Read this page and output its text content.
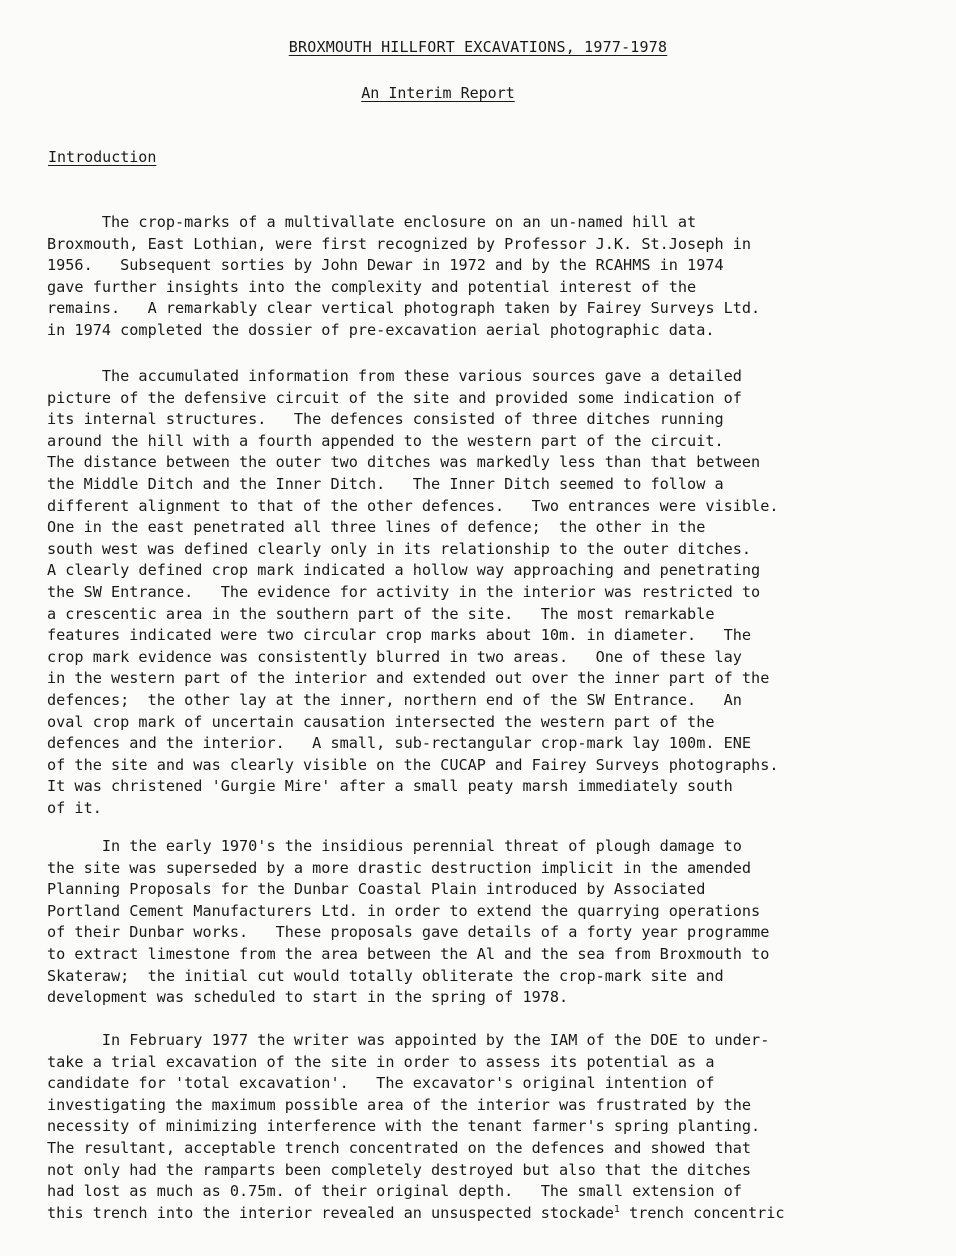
BROXMOUTH HILLFORT EXCAVATIONS, 1977-1978
An Interim Report
Introduction
The crop-marks of a multivallate enclosure on an un-named hill at
Broxmouth, East Lothian, were first recognized by Professor J.K. St.Joseph in
1956.   Subsequent sorties by John Dewar in 1972 and by the RCAHMS in 1974
gave further insights into the complexity and potential interest of the
remains.   A remarkably clear vertical photograph taken by Fairey Surveys Ltd.
in 1974 completed the dossier of pre-excavation aerial photographic data.
The accumulated information from these various sources gave a detailed
picture of the defensive circuit of the site and provided some indication of
its internal structures.   The defences consisted of three ditches running
around the hill with a fourth appended to the western part of the circuit.
The distance between the outer two ditches was markedly less than that between
the Middle Ditch and the Inner Ditch.   The Inner Ditch seemed to follow a
different alignment to that of the other defences.   Two entrances were visible.
One in the east penetrated all three lines of defence;  the other in the
south west was defined clearly only in its relationship to the outer ditches.
A clearly defined crop mark indicated a hollow way approaching and penetrating
the SW Entrance.   The evidence for activity in the interior was restricted to
a crescentic area in the southern part of the site.   The most remarkable
features indicated were two circular crop marks about 10m. in diameter.   The
crop mark evidence was consistently blurred in two areas.   One of these lay
in the western part of the interior and extended out over the inner part of the
defences;  the other lay at the inner, northern end of the SW Entrance.   An
oval crop mark of uncertain causation intersected the western part of the
defences and the interior.   A small, sub-rectangular crop-mark lay 100m. ENE
of the site and was clearly visible on the CUCAP and Fairey Surveys photographs.
It was christened 'Gurgie Mire' after a small peaty marsh immediately south
of it.
In the early 1970's the insidious perennial threat of plough damage to
the site was superseded by a more drastic destruction implicit in the amended
Planning Proposals for the Dunbar Coastal Plain introduced by Associated
Portland Cement Manufacturers Ltd. in order to extend the quarrying operations
of their Dunbar works.   These proposals gave details of a forty year programme
to extract limestone from the area between the Al and the sea from Broxmouth to
Skateraw;  the initial cut would totally obliterate the crop-mark site and
development was scheduled to start in the spring of 1978.
In February 1977 the writer was appointed by the IAM of the DOE to under-
take a trial excavation of the site in order to assess its potential as a
candidate for 'total excavation'.   The excavator's original intention of
investigating the maximum possible area of the interior was frustrated by the
necessity of minimizing interference with the tenant farmer's spring planting.
The resultant, acceptable trench concentrated on the defences and showed that
not only had the ramparts been completely destroyed but also that the ditches
had lost as much as 0.75m. of their original depth.   The small extension of
this trench into the interior revealed an unsuspected stockade$^1$ trench concentric
